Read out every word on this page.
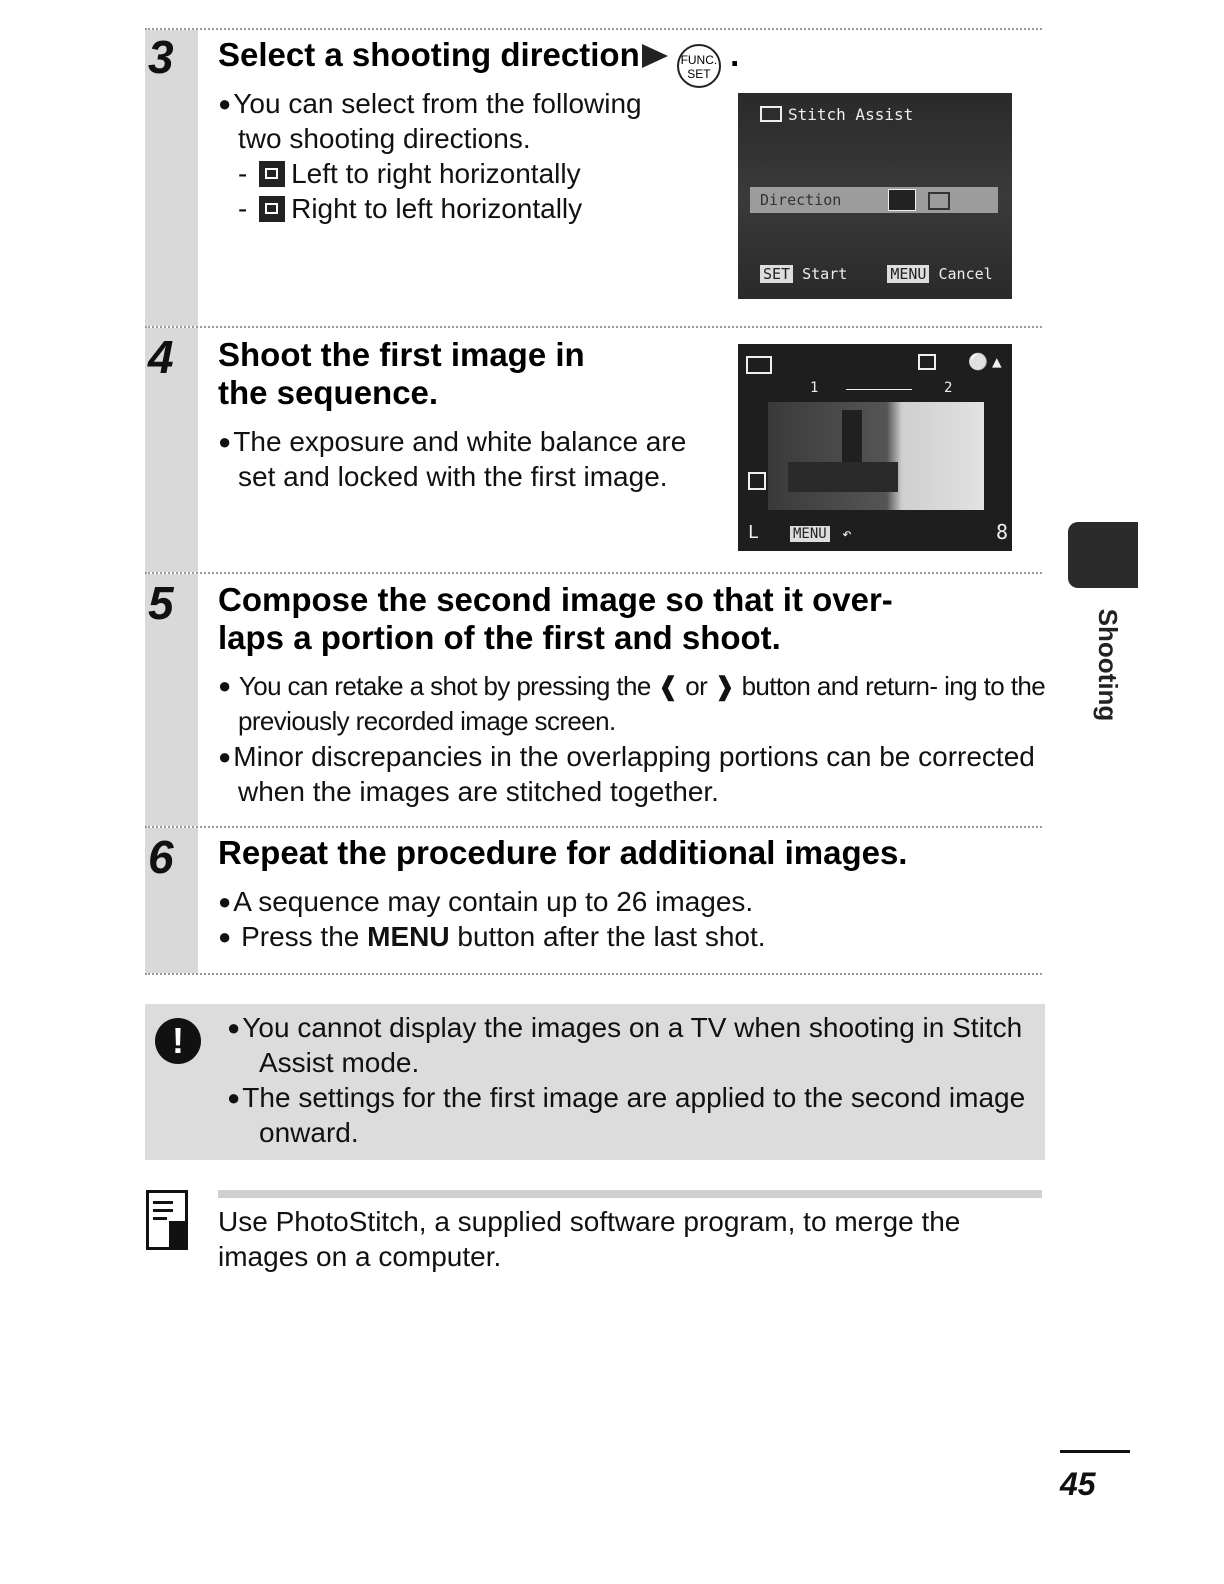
3 Select a shooting direction	FUNC. SET .
● You can select from the following two shooting directions.
-
Left to right horizontally
-
Right to left horizontally
Stitch Assist
Direction
SET Start	MENU Cancel
4 Shoot the first image in
the sequence.
● The exposure and white balance are set and locked with the first image.
⚪ ▲
1	2
L MENU ↶	8
5 Compose the second image so that it over-
laps a portion of the first and shoot.
● You can retake a shot by pressing the ❰ or ❱ button and return- ing to the previously recorded image screen.
● Minor discrepancies in the overlapping portions can be corrected when the images are stitched together.
6 Repeat the procedure for additional images.
● A sequence may contain up to 26 images.
● Press the MENU button after the last shot.
!
●	You cannot display the images on a TV when shooting in Stitch Assist mode.
● The settings for the first image are applied to the second image onward.
Use PhotoStitch, a supplied software program, to merge the images on a computer.
Shooting
45
